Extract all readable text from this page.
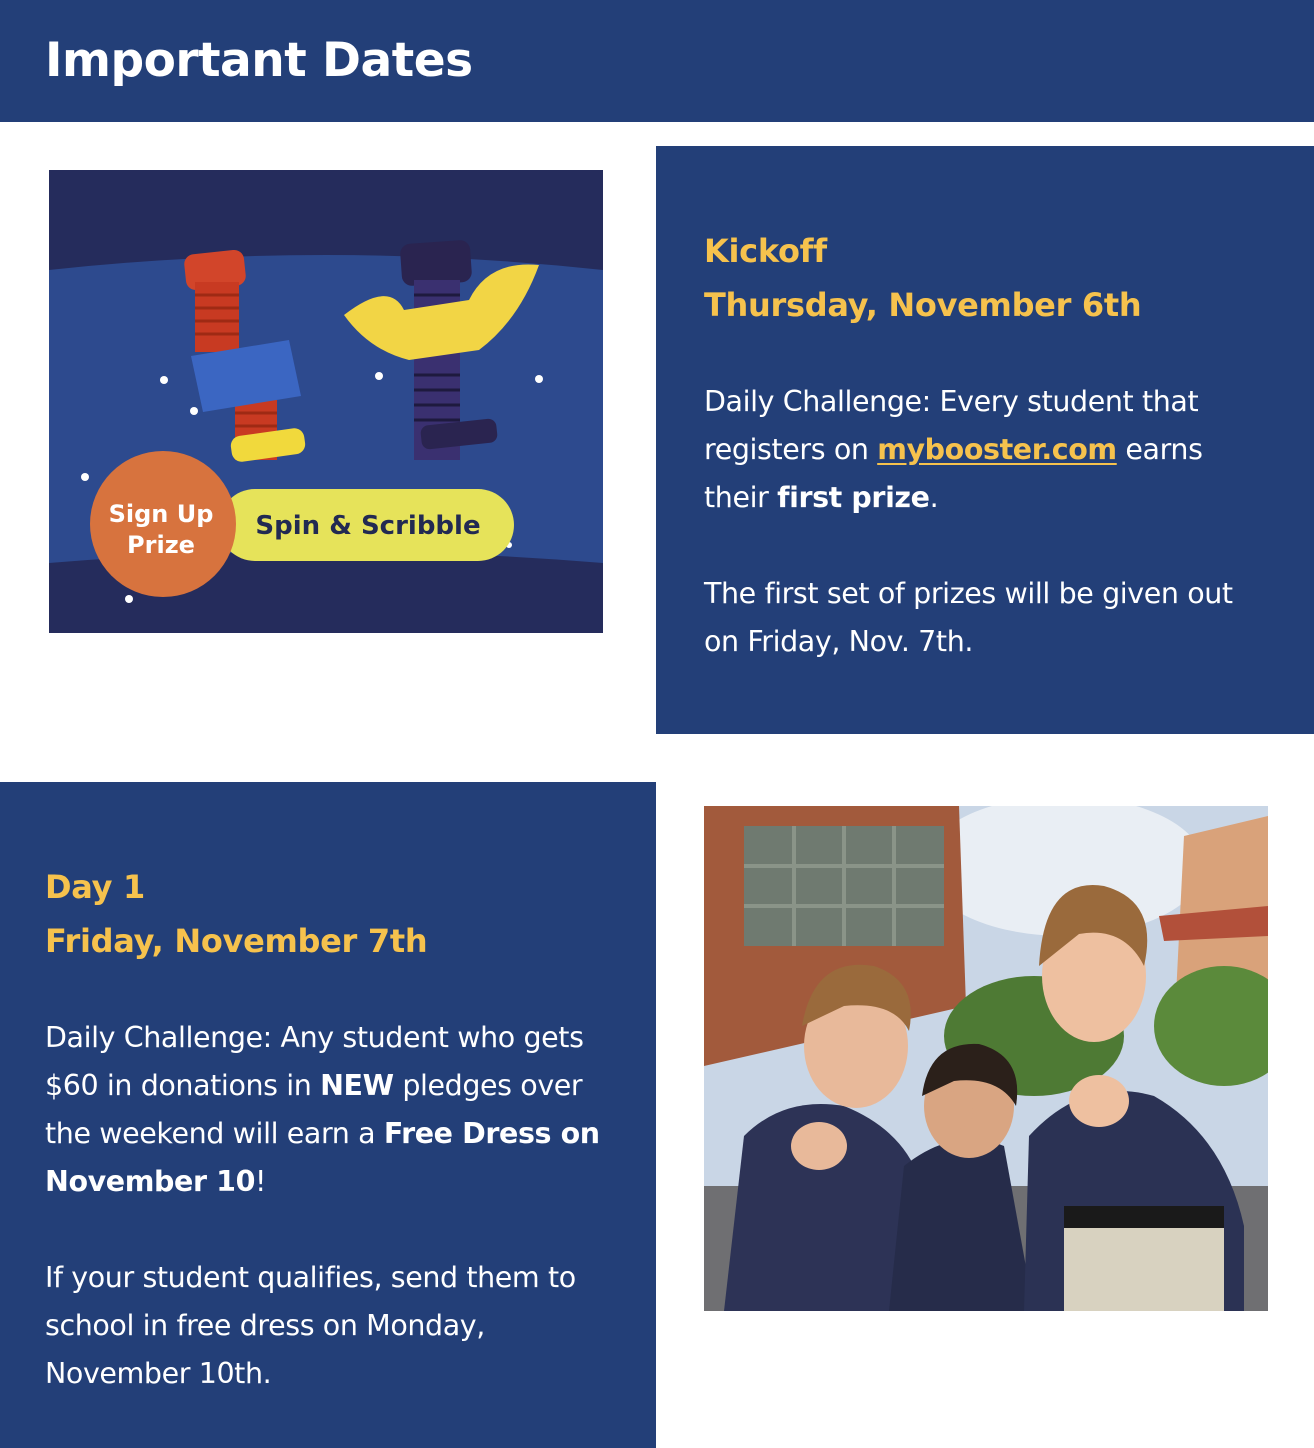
Important Dates
Spin & Scribble
Sign Up
Prize

Kickoff

Thursday, November 6th

Daily Challenge: Every student that registers on mybooster.com earns their first prize.

The first set of prizes will be given out on Friday, Nov. 7th.

Day 1

Friday, November 7th

Daily Challenge: Any student who gets $60 in donations in NEW pledges over the weekend will earn a Free Dress on November 10!

If your student qualifies, send them to school in free dress on Monday, November 10th.
